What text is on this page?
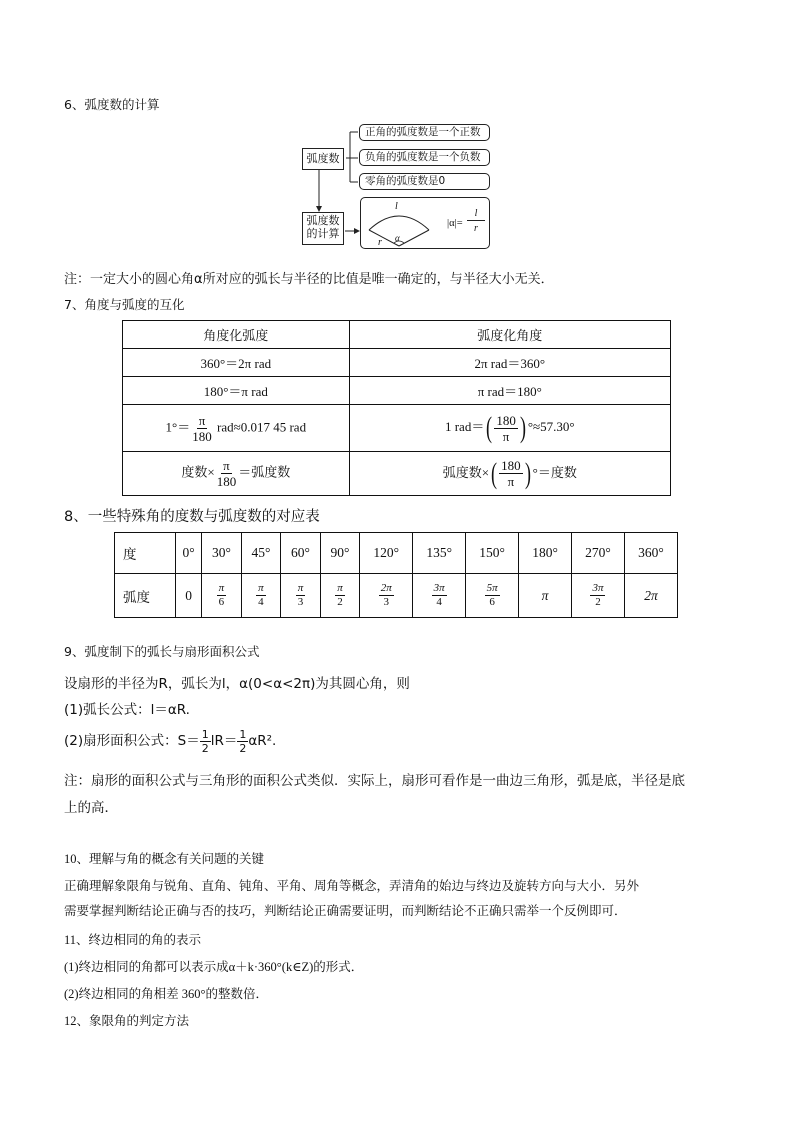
6、弧度数的计算
弧度数
弧度数
的计算
正角的弧度数是一个正数
负角的弧度数是一个负数
零角的弧度数是0
l
r α
|α|=
l
r
注：一定大小的圆心角α所对应的弧长与半径的比值是唯一确定的，与半径大小无关．
7、角度与弧度的互化
角度化弧度	弧度化角度
360°＝2π rad	2π rad＝360°
180°＝π rad	π rad＝180°
$1^\circ= \frac{\pi}{180} rad\approx 0.017$ 45 rad	1 $rad=( \frac{180}{\pi}$ ) °≈57.30°
度数× $\frac{\pi}{180}$ ＝弧度数	弧度数×( $\frac{180}{\pi}$ ) °＝度数
8、一些特殊角的度数与弧度数的对应表
度	0°	30°	45°	60°	90°	120°	135°	150°	180°	270°	360°
弧度	0	$\frac{\pi}{6}$	$\frac{\pi}{4}$	$\frac{\pi}{3}$	$\frac{\pi}{2}$	$\frac{2\pi}{3}$	$\frac{3\pi}{4}$	$\frac{5\pi}{6}$	π	$\frac{3\pi}{2}$	2π
9、弧度制下的弧长与扇形面积公式
设扇形的半径为R，弧长为l，α(0<α<2π)为其圆心角，则
(1)弧长公式：l＝αR.
(2)扇形面积公式：$S= \frac{1}{2} lR= \frac{1}{2} \alpha R^2$.
注：扇形的面积公式与三角形的面积公式类似．实际上，扇形可看作是一曲边三角形，弧是底，半径是底
上的高．
10、理解与角的概念有关问题的关键
正确理解象限角与锐角、直角、钝角、平角、周角等概念，弄清角的始边与终边及旋转方向与大小．另外
需要掌握判断结论正确与否的技巧，判断结论正确需要证明，而判断结论不正确只需举一个反例即可．
11、终边相同的角的表示
(1)终边相同的角都可以表示成α＋k·360°(k∈Z)的形式．
(2)终边相同的角相差 360°的整数倍．
12、象限角的判定方法
